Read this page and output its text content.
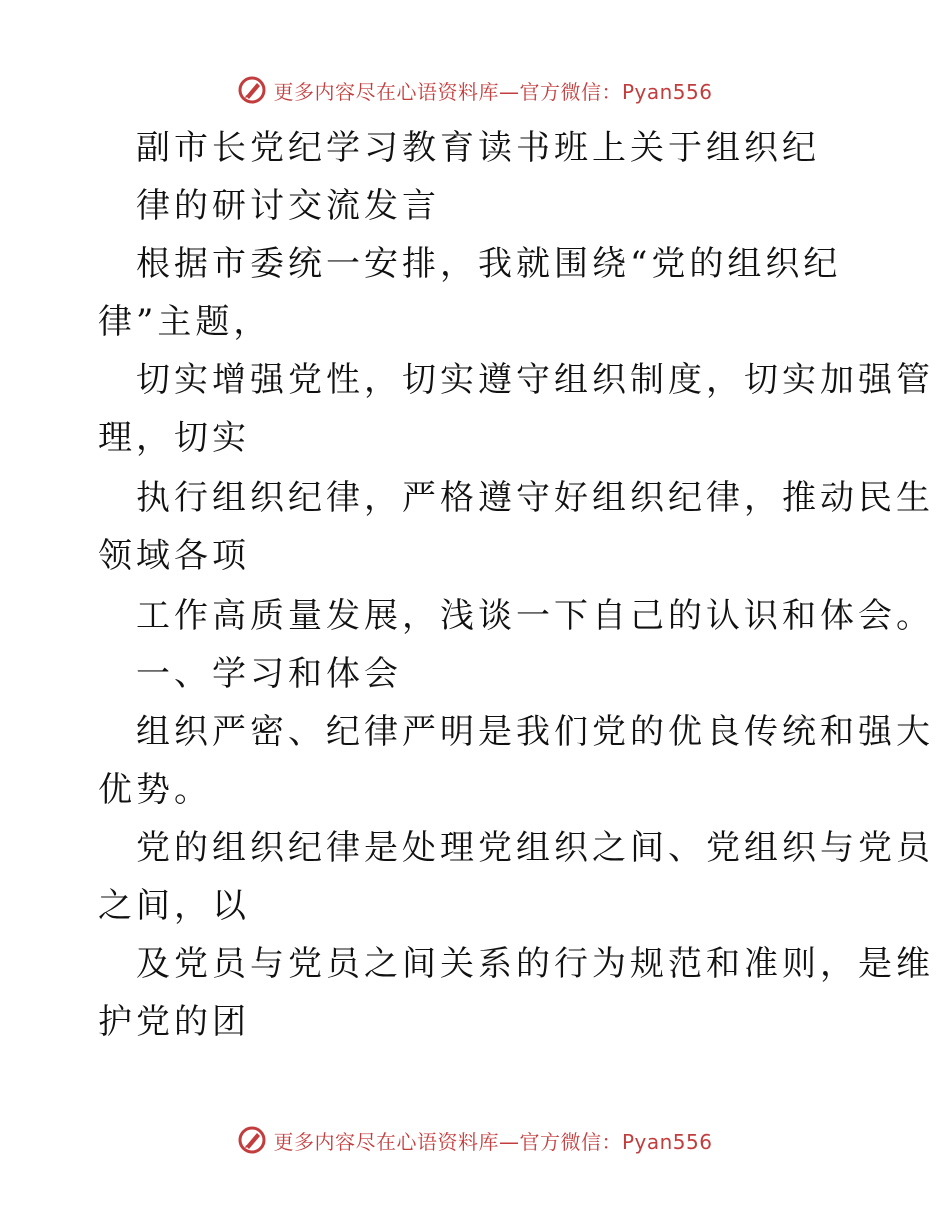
更多内容尽在心语资料库—官方微信：Pyan556
副市长党纪学习教育读书班上关于组织纪
律的研讨交流发言
根据市委统一安排，我就围绕“党的组织纪
律”主题，
切实增强党性，切实遵守组织制度，切实加强管
理，切实
执行组织纪律，严格遵守好组织纪律，推动民生
领域各项
工作高质量发展，浅谈一下自己的认识和体会。
一、学习和体会
组织严密、纪律严明是我们党的优良传统和强大
优势。
党的组织纪律是处理党组织之间、党组织与党员
之间，以
及党员与党员之间关系的行为规范和准则，是维
护党的团
更多内容尽在心语资料库—官方微信：Pyan556
